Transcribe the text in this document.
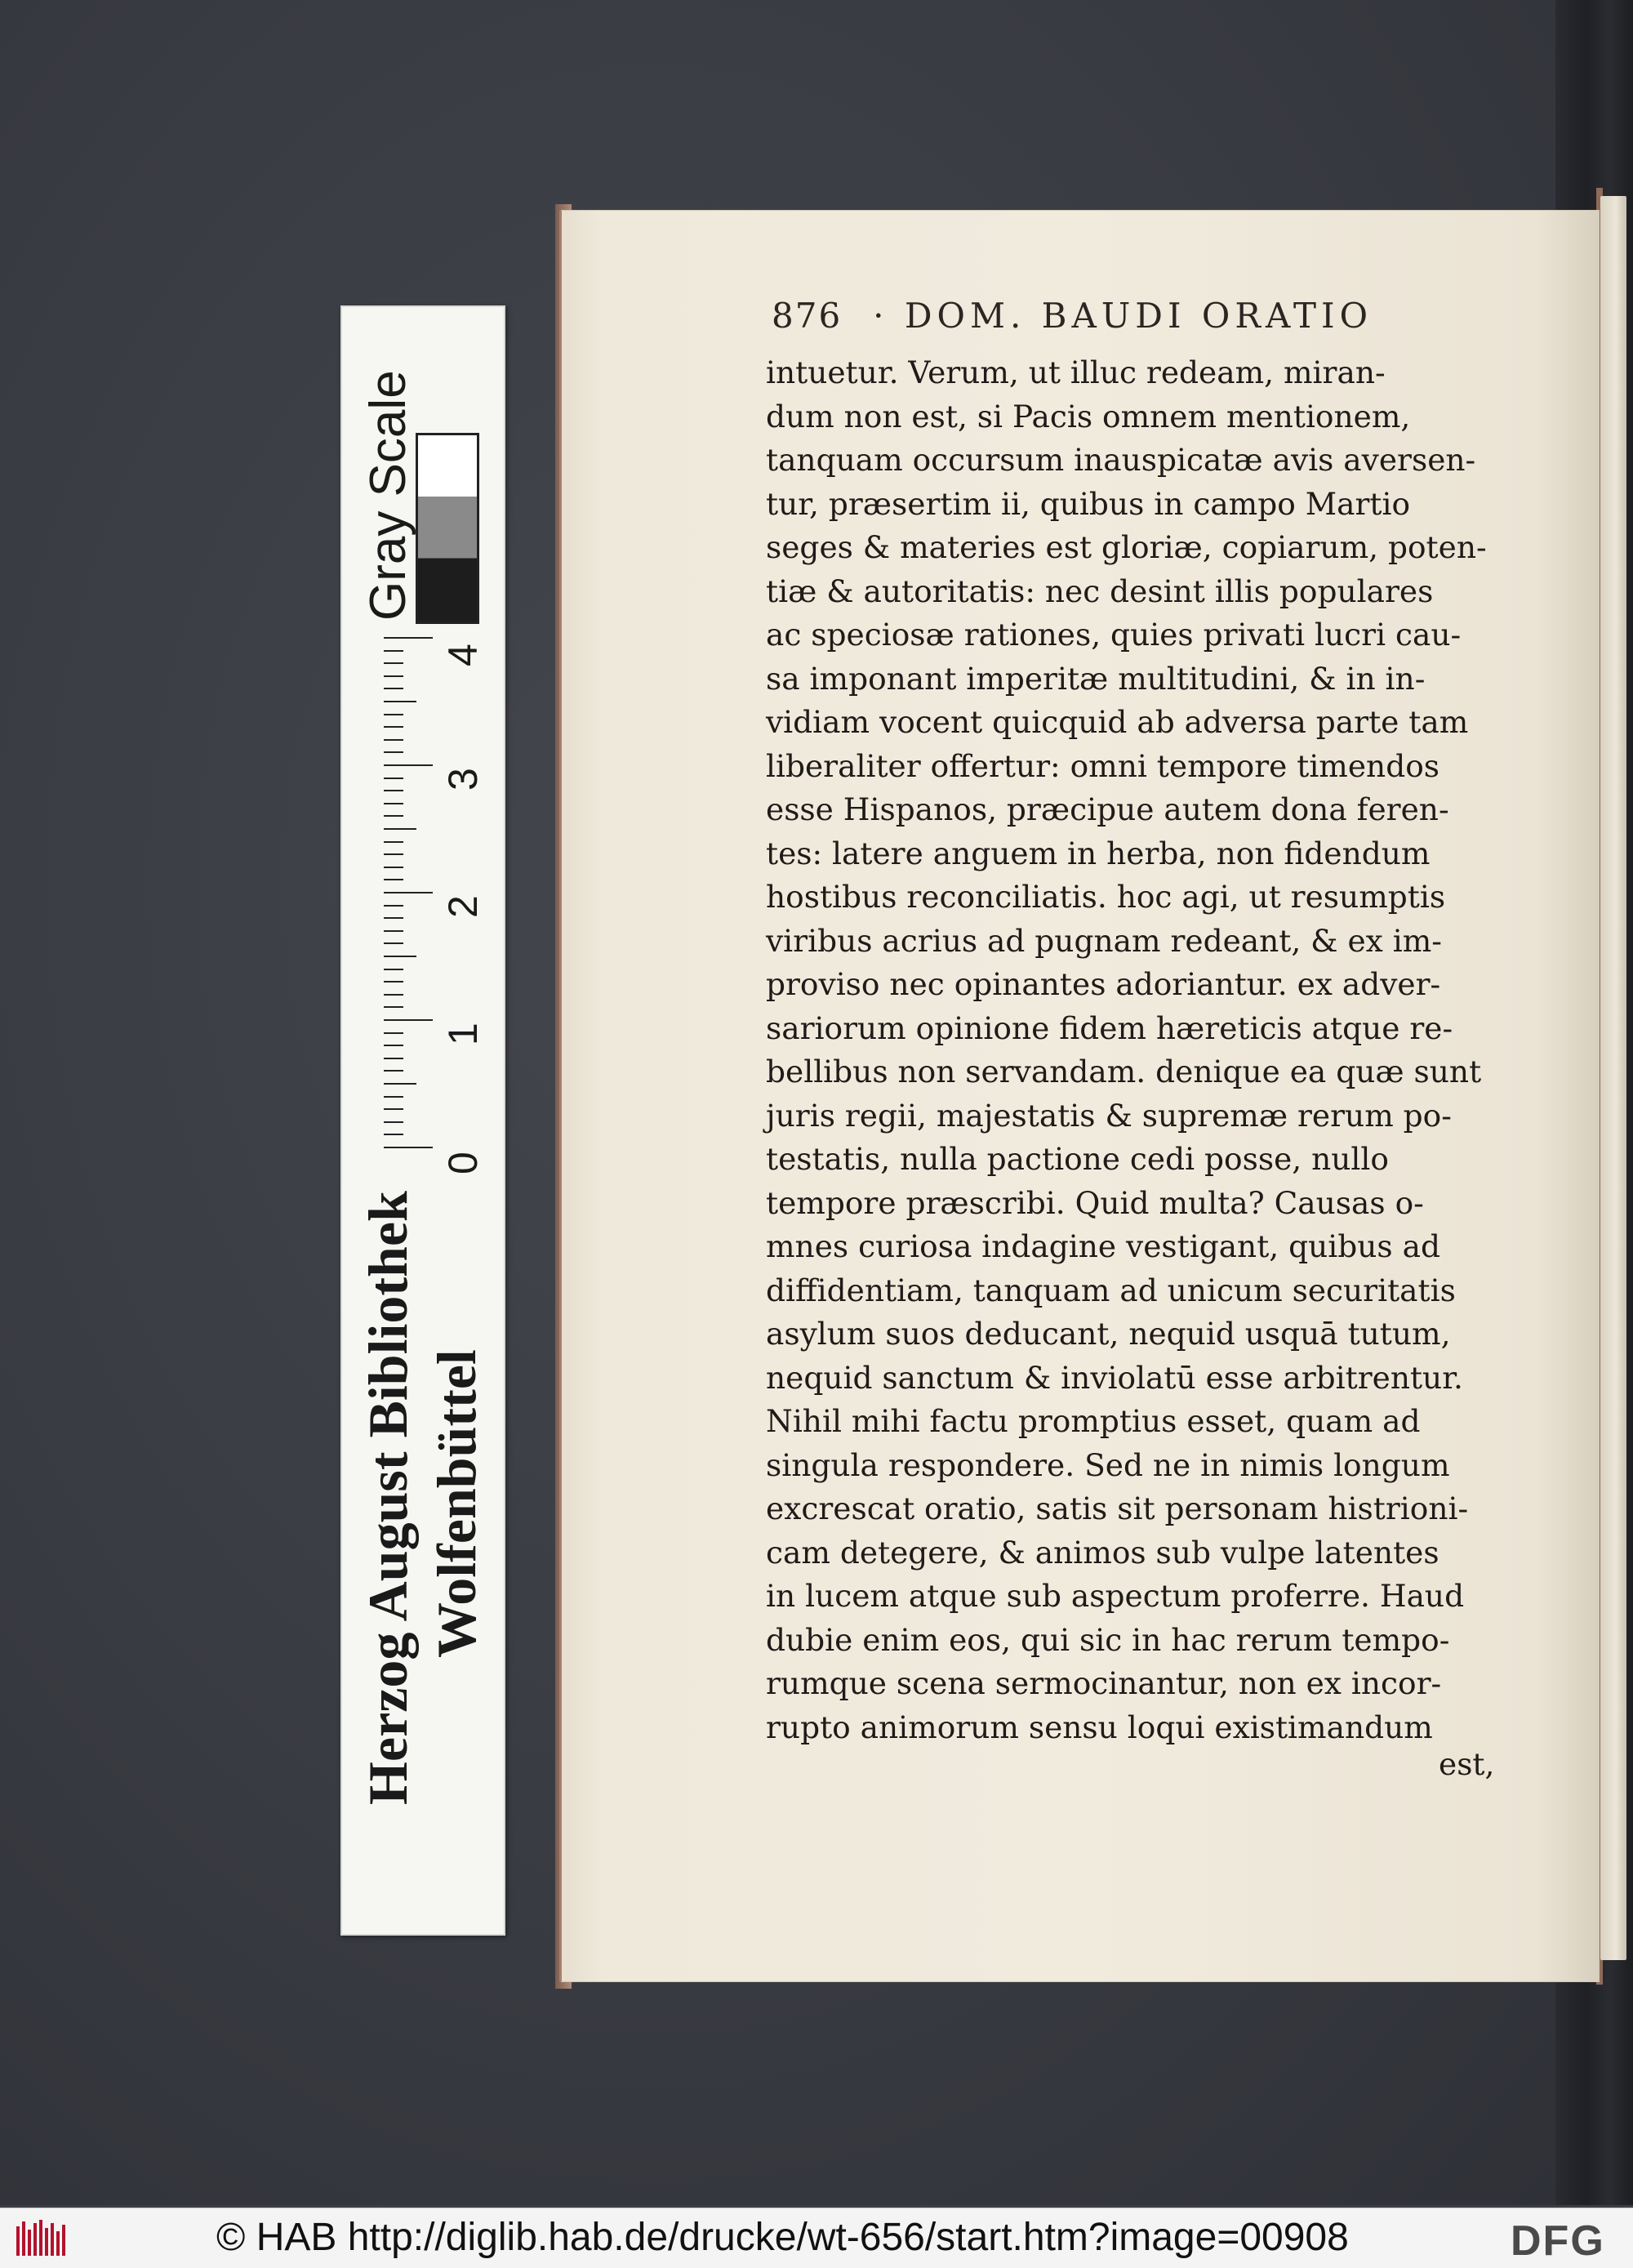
Gray Scale
0
1
2
3
4
Herzog August Bibliothek Wolfenbüttel
876 · DOM. BAUDI ORATIO
intuetur. Verum, ut illuc redeam, miran-
dum non est, si Pacis omnem mentionem,
tanquam occursum inauspicatæ avis aversen-
tur, præsertim ii, quibus in campo Martio
seges & materies est gloriæ, copiarum, poten-
tiæ & autoritatis: nec desint illis populares
ac speciosæ rationes, quies privati lucri cau-
sa imponant imperitæ multitudini, & in in-
vidiam vocent quicquid ab adversa parte tam
liberaliter offertur: omni tempore timendos
esse Hispanos, præcipue autem dona feren-
tes: latere anguem in herba, non fidendum
hostibus reconciliatis. hoc agi, ut resumptis
viribus acrius ad pugnam redeant, & ex im-
proviso nec opinantes adoriantur. ex adver-
sariorum opinione fidem hæreticis atque re-
bellibus non servandam. denique ea quæ sunt
juris regii, majestatis & supremæ rerum po-
testatis, nulla pactione cedi posse, nullo
tempore præscribi. Quid multa? Causas o-
mnes curiosa indagine vestigant, quibus ad
diffidentiam, tanquam ad unicum securitatis
asylum suos deducant, nequid usquā tutum,
nequid sanctum & inviolatū esse arbitrentur.
Nihil mihi factu promptius esset, quam ad
singula respondere. Sed ne in nimis longum
excrescat oratio, satis sit personam histrioni-
cam detegere, & animos sub vulpe latentes
in lucem atque sub aspectum proferre. Haud
dubie enim eos, qui sic in hac rerum tempo-
rumque scena sermocinantur, non ex incor-
rupto animorum sensu loqui existimandum
est,
© HAB http://diglib.hab.de/drucke/wt-656/start.htm?image=00908	DFG
